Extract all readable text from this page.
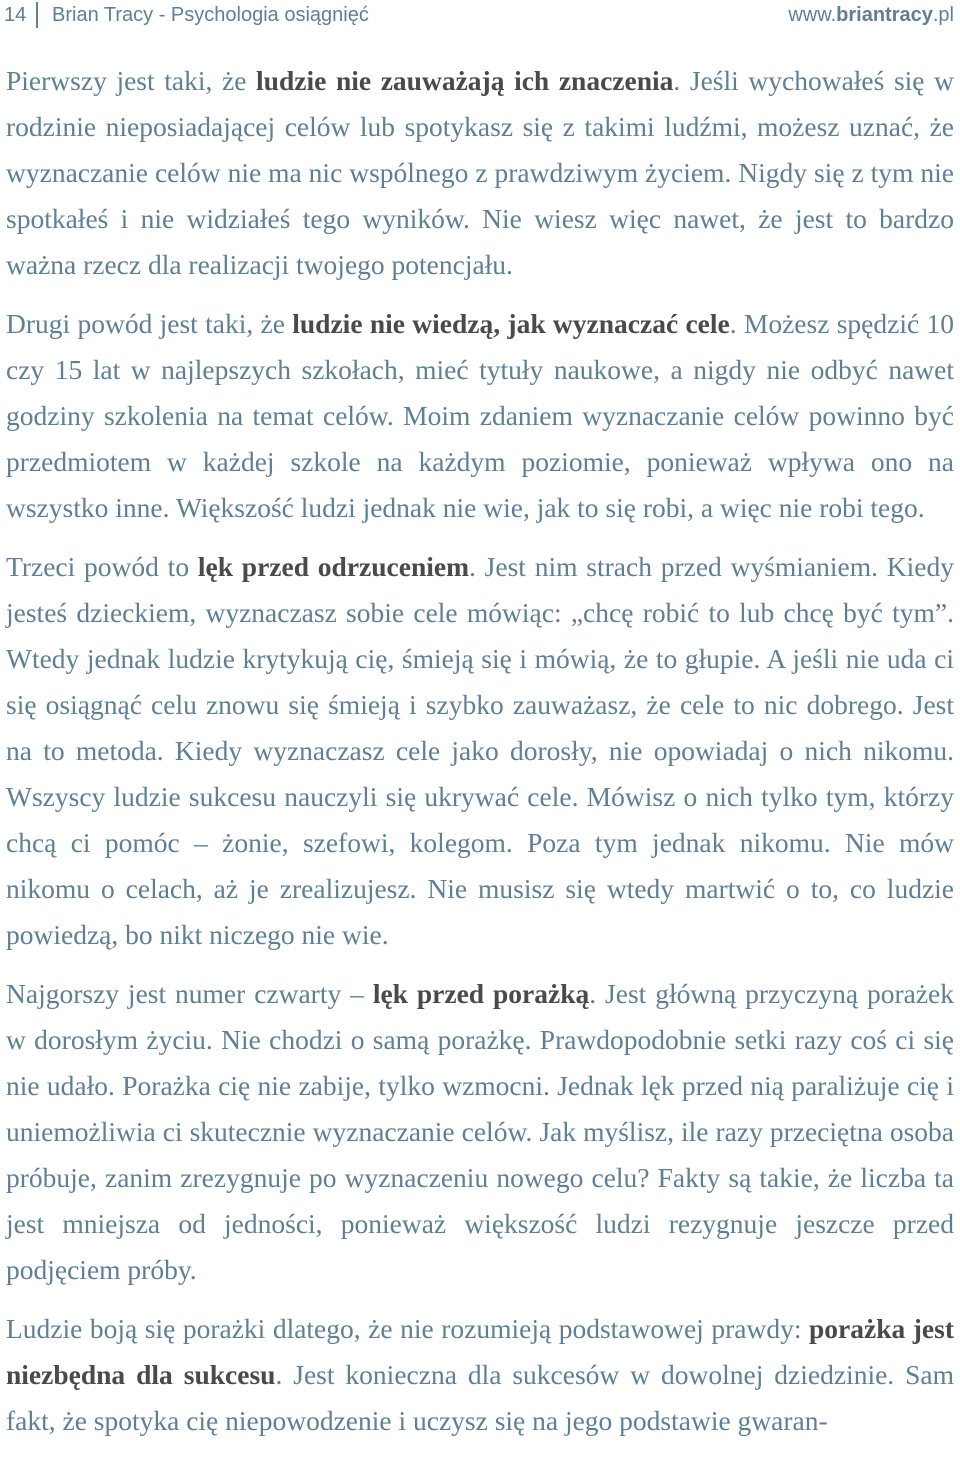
14 Brian Tracy - Psychologia osiągnięć	www.briantracy.pl

Pierwszy jest taki, że ludzie nie zauważają ich znaczenia. Jeśli wychowałeś się w rodzinie nieposiadającej celów lub spotykasz się z takimi ludźmi, możesz uznać, że wyznaczanie celów nie ma nic wspólnego z prawdziwym życiem. Nigdy się z tym nie spotkałeś i nie widziałeś tego wyników. Nie wiesz więc nawet, że jest to bardzo ważna rzecz dla realizacji twojego potencjału.

Drugi powód jest taki, że ludzie nie wiedzą, jak wyznaczać cele. Możesz spędzić 10 czy 15 lat w najlepszych szkołach, mieć tytuły naukowe, a nigdy nie odbyć nawet godziny szkolenia na temat celów. Moim zdaniem wyznaczanie celów powinno być przedmiotem w każdej szkole na każdym poziomie, ponieważ wpływa ono na wszystko inne. Większość ludzi jednak nie wie, jak to się robi, a więc nie robi tego.

Trzeci powód to lęk przed odrzuceniem. Jest nim strach przed wyśmianiem. Kiedy jesteś dzieckiem, wyznaczasz sobie cele mówiąc: „chcę robić to lub chcę być tym”. Wtedy jednak ludzie krytykują cię, śmieją się i mówią, że to głupie. A jeśli nie uda ci się osiągnąć celu znowu się śmieją i szybko zauważasz, że cele to nic dobrego. Jest na to metoda. Kiedy wyznaczasz cele jako dorosły, nie opowiadaj o nich nikomu. Wszyscy ludzie sukcesu nauczyli się ukrywać cele. Mówisz o nich tylko tym, którzy chcą ci pomóc – żonie, szefowi, kolegom. Poza tym jednak nikomu. Nie mów nikomu o celach, aż je zrealizujesz. Nie musisz się wtedy martwić o to, co ludzie powiedzą, bo nikt niczego nie wie.

Najgorszy jest numer czwarty – lęk przed porażką. Jest główną przyczyną porażek w dorosłym życiu. Nie chodzi o samą porażkę. Prawdopodobnie setki razy coś ci się nie udało. Porażka cię nie zabije, tylko wzmocni. Jednak lęk przed nią paraliżuje cię i uniemożliwia ci skutecznie wyznaczanie celów. Jak myślisz, ile razy przeciętna osoba próbuje, zanim zrezygnuje po wyznaczeniu nowego celu? Fakty są takie, że liczba ta jest mniejsza od jedności, ponieważ większość ludzi rezygnuje jeszcze przed podjęciem próby.

Ludzie boją się porażki dlatego, że nie rozumieją podstawowej prawdy: porażka jest niezbędna dla sukcesu. Jest konieczna dla sukcesów w dowolnej dziedzinie. Sam fakt, że spotyka cię niepowodzenie i uczysz się na jego podstawie gwaran-
